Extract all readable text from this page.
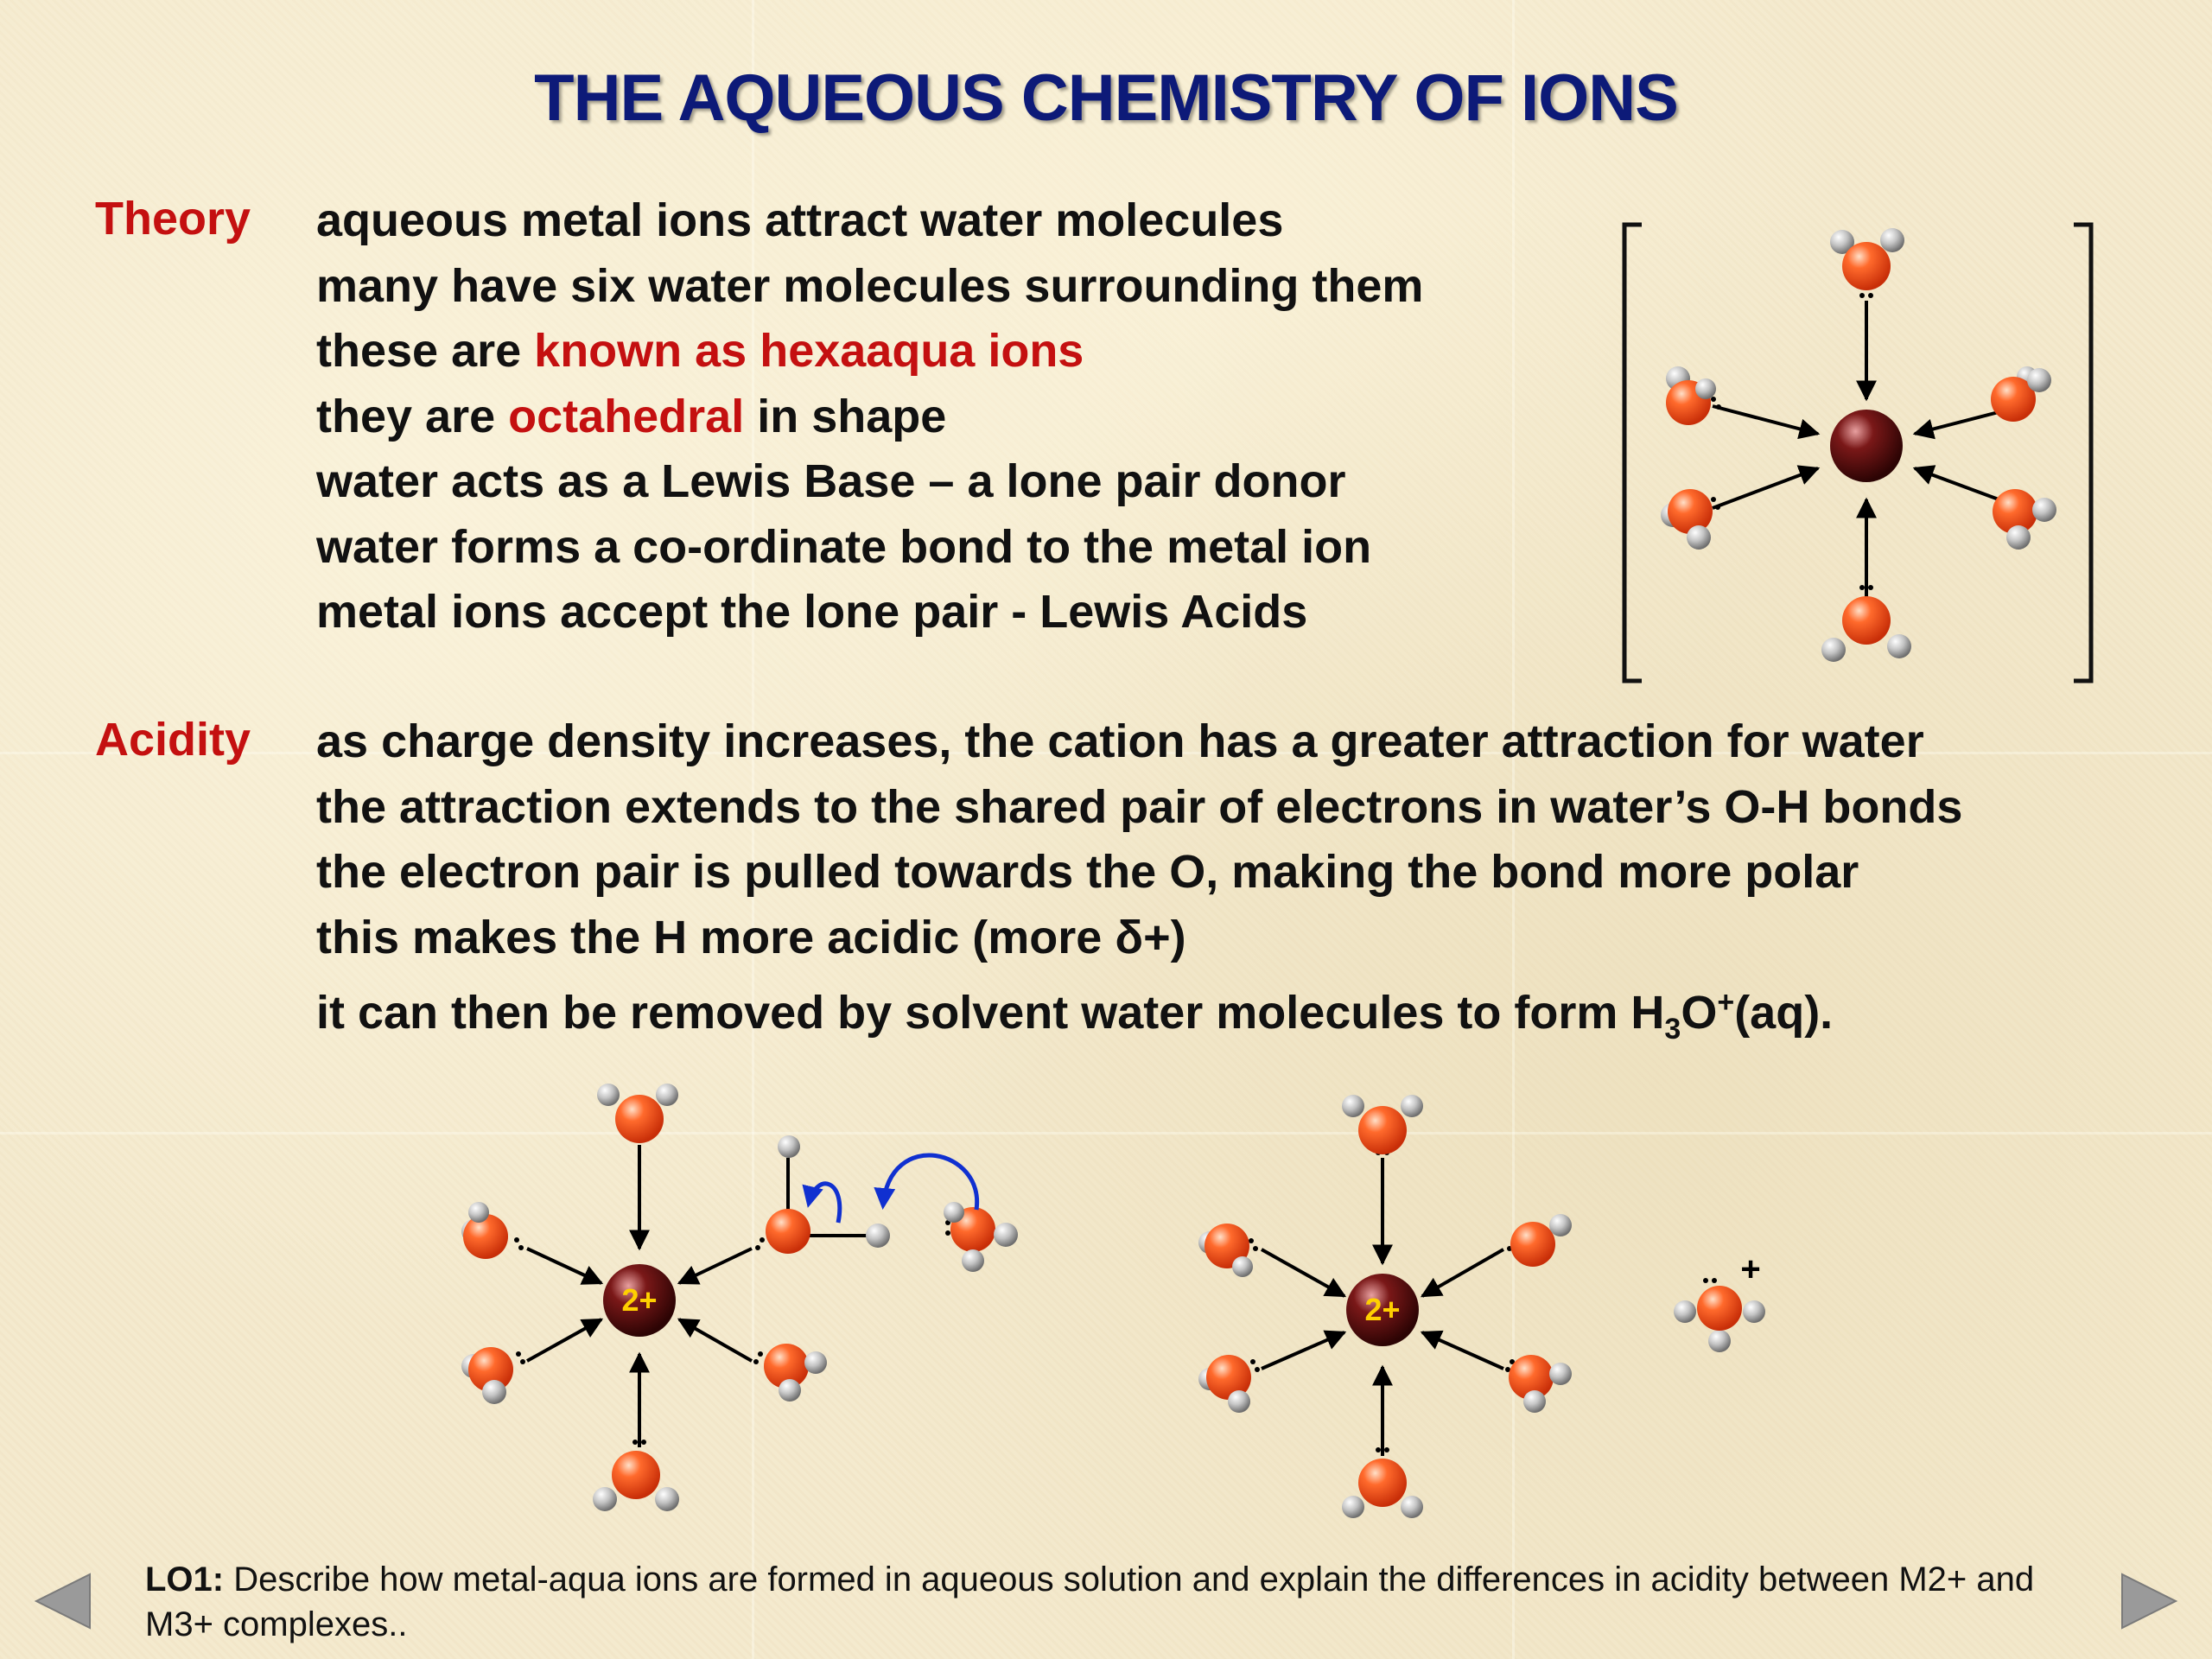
THE AQUEOUS CHEMISTRY OF IONS
Theory aqueous metal ions attract water molecules
many have six water molecules surrounding them
these are known as hexaaqua ions
they are octahedral in shape
water acts as a Lewis Base – a lone pair donor
water forms a co-ordinate bond to the metal ion
metal ions accept the lone pair - Lewis Acids
Acidity as charge density increases, the cation has a greater attraction for water
the attraction extends to the shared pair of electrons in water’s O-H bonds
the electron pair is pulled towards the O, making the bond more polar
this makes the H more acidic (more δ+)
it can then be removed by solvent water molecules to form $H_3O^+(aq)$.
2+	2+
+
LO1: Describe how metal-aqua ions are formed in aqueous solution and explain the differences in acidity between M2+ and M3+ complexes..
